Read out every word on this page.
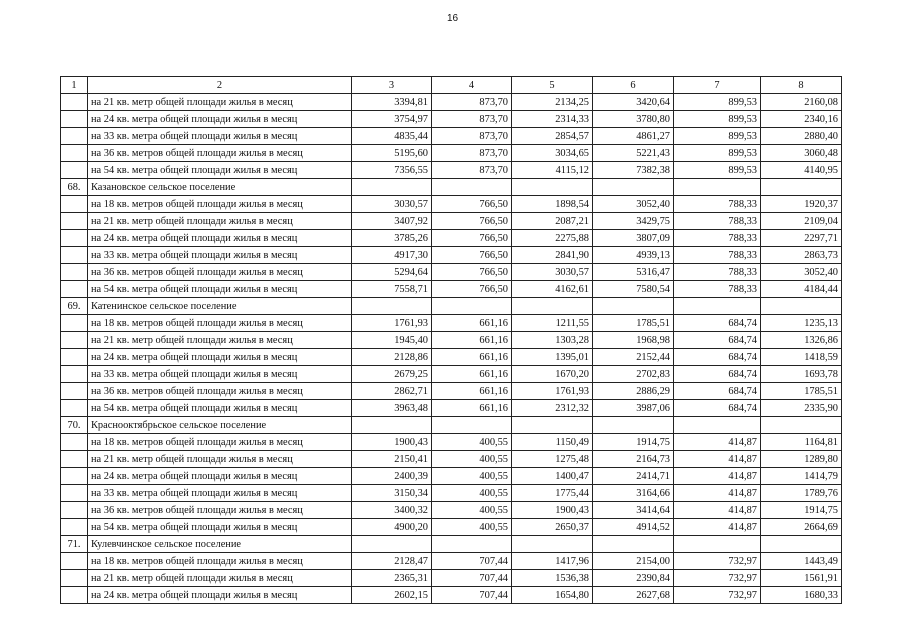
16
1	2	3	4	5	6	7	8
	на 21 кв. метр общей площади жилья в месяц	3394,81	873,70	2134,25	3420,64	899,53	2160,08
	на 24 кв. метра общей площади жилья в месяц	3754,97	873,70	2314,33	3780,80	899,53	2340,16
	на 33 кв. метра общей площади жилья в месяц	4835,44	873,70	2854,57	4861,27	899,53	2880,40
	на 36 кв. метров общей площади жилья в месяц	5195,60	873,70	3034,65	5221,43	899,53	3060,48
	на 54 кв. метра общей площади жилья в месяц	7356,55	873,70	4115,12	7382,38	899,53	4140,95
68.	Казановское сельское поселение						
	на 18 кв. метров общей площади жилья в месяц	3030,57	766,50	1898,54	3052,40	788,33	1920,37
	на 21 кв. метр общей площади жилья в месяц	3407,92	766,50	2087,21	3429,75	788,33	2109,04
	на 24 кв. метра общей площади жилья в месяц	3785,26	766,50	2275,88	3807,09	788,33	2297,71
	на 33 кв. метра общей площади жилья в месяц	4917,30	766,50	2841,90	4939,13	788,33	2863,73
	на 36 кв. метров общей площади жилья в месяц	5294,64	766,50	3030,57	5316,47	788,33	3052,40
	на 54 кв. метра общей площади жилья в месяц	7558,71	766,50	4162,61	7580,54	788,33	4184,44
69.	Катенинское сельское поселение						
	на 18 кв. метров общей площади жилья в месяц	1761,93	661,16	1211,55	1785,51	684,74	1235,13
	на 21 кв. метр общей площади жилья в месяц	1945,40	661,16	1303,28	1968,98	684,74	1326,86
	на 24 кв. метра общей площади жилья в месяц	2128,86	661,16	1395,01	2152,44	684,74	1418,59
	на 33 кв. метра общей площади жилья в месяц	2679,25	661,16	1670,20	2702,83	684,74	1693,78
	на 36 кв. метров общей площади жилья в месяц	2862,71	661,16	1761,93	2886,29	684,74	1785,51
	на 54 кв. метра общей площади жилья в месяц	3963,48	661,16	2312,32	3987,06	684,74	2335,90
70.	Краснооктябрьское сельское поселение						
	на 18 кв. метров общей площади жилья в месяц	1900,43	400,55	1150,49	1914,75	414,87	1164,81
	на 21 кв. метр общей площади жилья в месяц	2150,41	400,55	1275,48	2164,73	414,87	1289,80
	на 24 кв. метра общей площади жилья в месяц	2400,39	400,55	1400,47	2414,71	414,87	1414,79
	на 33 кв. метра общей площади жилья в месяц	3150,34	400,55	1775,44	3164,66	414,87	1789,76
	на 36 кв. метров общей площади жилья в месяц	3400,32	400,55	1900,43	3414,64	414,87	1914,75
	на 54 кв. метра общей площади жилья в месяц	4900,20	400,55	2650,37	4914,52	414,87	2664,69
71.	Кулевчинское сельское поселение						
	на 18 кв. метров общей площади жилья в месяц	2128,47	707,44	1417,96	2154,00	732,97	1443,49
	на 21 кв. метр общей площади жилья в месяц	2365,31	707,44	1536,38	2390,84	732,97	1561,91
	на 24 кв. метра общей площади жилья в месяц	2602,15	707,44	1654,80	2627,68	732,97	1680,33
